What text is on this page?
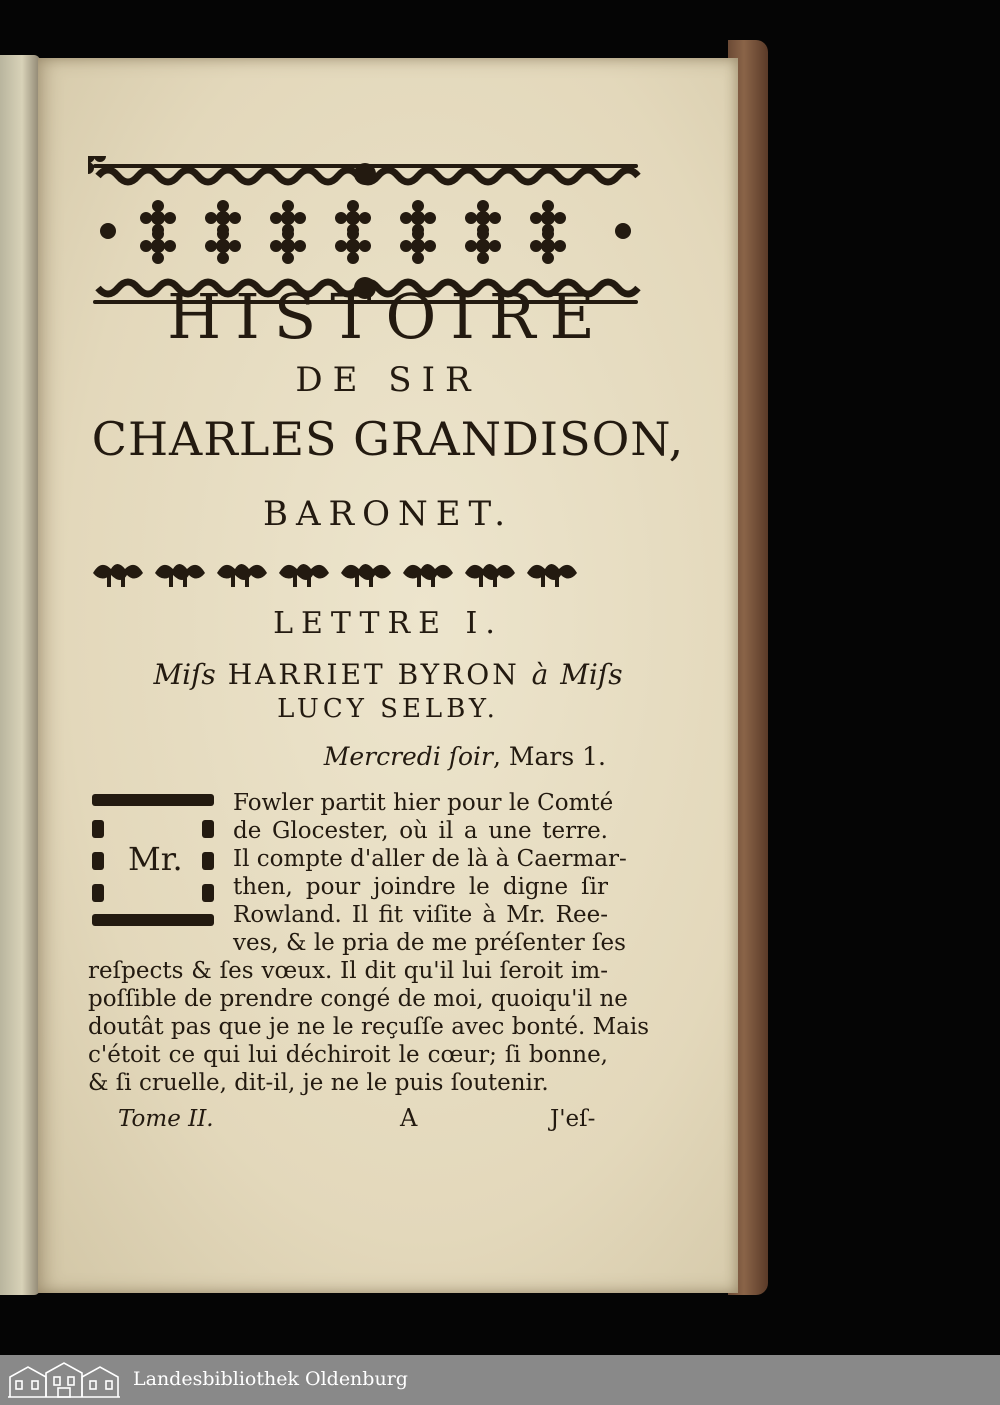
HISTOIRE
DE SIR
CHARLES GRANDISON,
BARONET.
LETTRE I.
Miſs HARRIET BYRON à Miſs
LUCY SELBY.
Mercredi ſoir, Mars 1.
Mr.
Fowler partit hier pour le Comté
de Glocester, où il a une terre.
Il compte d'aller de là à Caermar-
then, pour joindre le digne ſir
Rowland. Il fit viſite à Mr. Ree-
ves, & le pria de me préſenter ſes
reſpects & ſes vœux. Il dit qu'il lui ſeroit im-
poſſible de prendre congé de moi, quoiqu'il ne
doutât pas que je ne le reçuſſe avec bonté. Mais
c'étoit ce qui lui déchiroit le cœur; ſi bonne,
& ſi cruelle, dit-il, je ne le puis ſoutenir.
Tome II.	A	J'eſ-
Landesbibliothek Oldenburg
